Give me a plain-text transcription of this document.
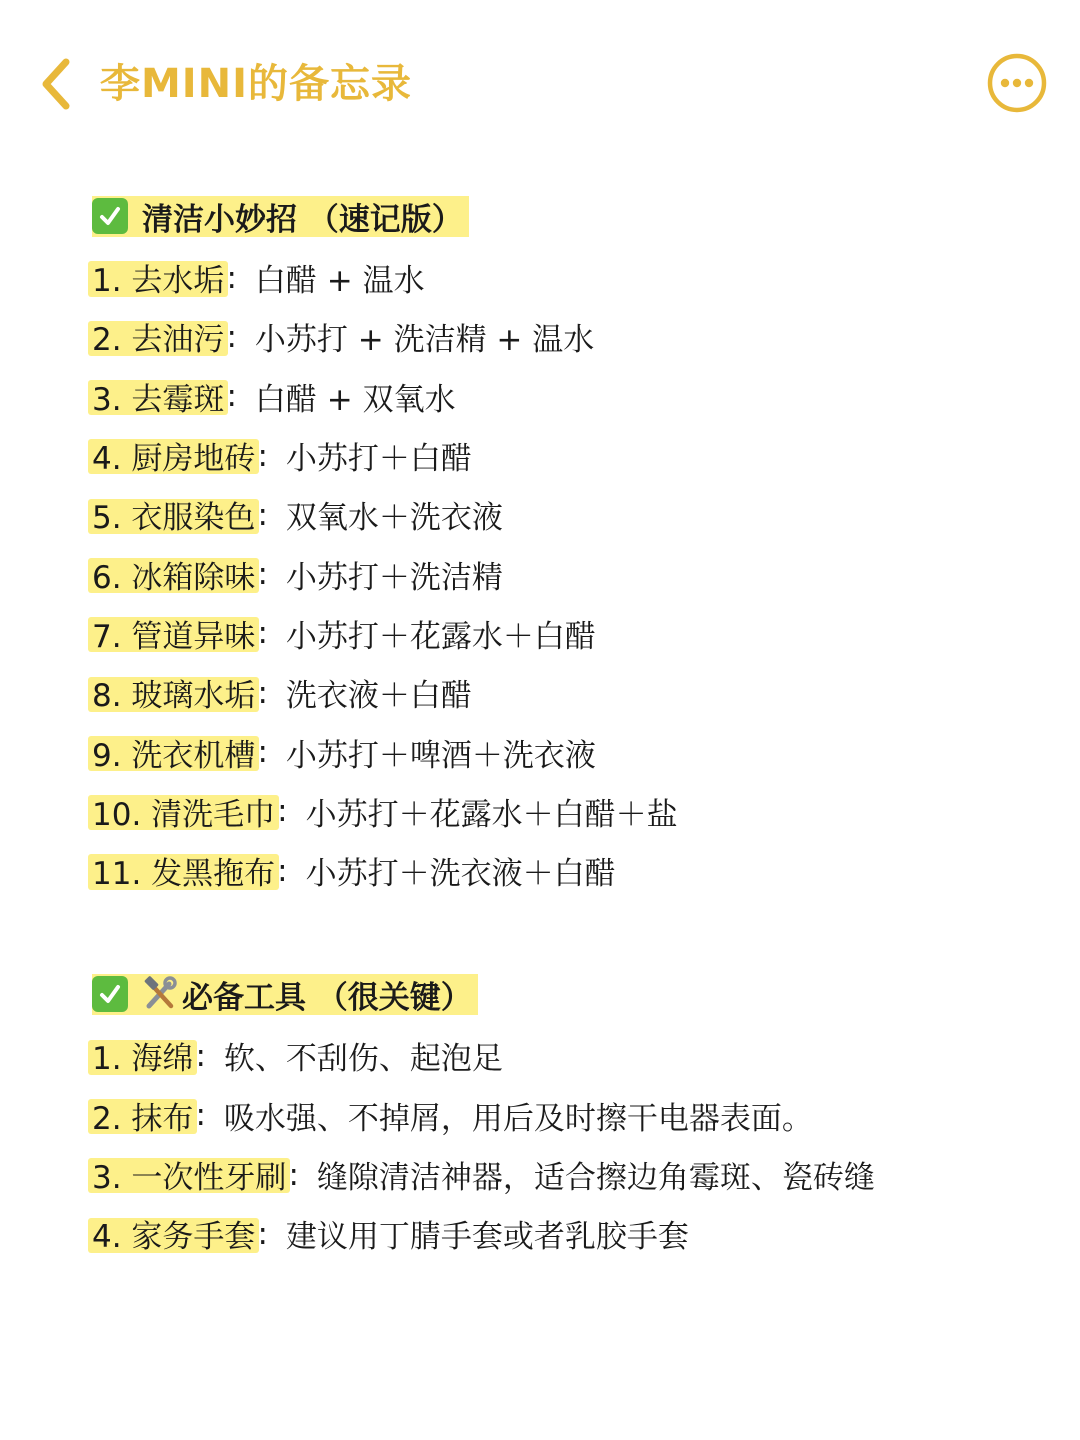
李MINI的备忘录
清洁小妙招 （速记版）
1. 去水垢 : 白醋 + 温水
2. 去油污 : 小苏打 + 洗洁精 + 温水
3. 去霉斑 : 白醋 + 双氧水
4. 厨房地砖 : 小苏打＋白醋
5. 衣服染色 : 双氧水＋洗衣液
6. 冰箱除味 : 小苏打＋洗洁精
7. 管道异味 : 小苏打＋花露水＋白醋
8. 玻璃水垢 : 洗衣液＋白醋
9. 洗衣机槽 : 小苏打＋啤酒＋洗衣液
10. 清洗毛巾 : 小苏打＋花露水＋白醋＋盐
11. 发黑拖布 : 小苏打＋洗衣液＋白醋
必备工具 （很关键）
1. 海绵 : 软、不刮伤、起泡足
2. 抹布 : 吸水强、不掉屑，用后及时擦干电器表面。
3. 一次性牙刷 : 缝隙清洁神器，适合擦边角霉斑、瓷砖缝
4. 家务手套 : 建议用丁腈手套或者乳胶手套
